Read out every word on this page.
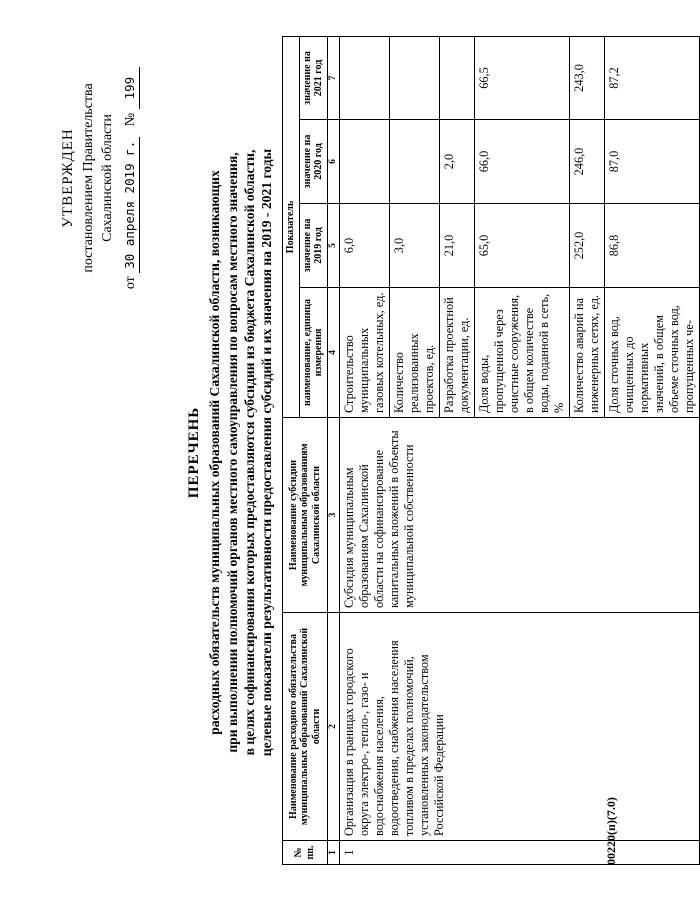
УТВЕРЖДЕН постановлением Правительства Сахалинской области
от 30 апреля 2019 г.   № 199
ПЕРЕЧЕНЬ расходных обязательств муниципальных образований Сахалинской области, возникающих при выполнении полномочий органов местного самоуправления по вопросам местного значения, в целях софинансирования которых предоставляются субсидии из бюджета Сахалинской области, целевые показатели результативности предоставления субсидий и их значения на 2019 - 2021 годы
№ пп.	Наименование расходного обязательства муниципальных образований Сахалинской области	Наименование субсидии муниципальным образованиям Сахалинской области	Показатель			
			наименование, единица измерения	значение на 2019 год	значение на 2020 год	значение на 2021 год
1	2	3	4	5	6	7
1	Организация в границах городского округа электро-, тепло-, газо- и водоснабжения населения, водоотведения, снабжения населения топливом в пределах полномочий, установленных законодательством Российской Федерации	Субсидия муниципальным образованиям Сахалинской области на софинансирование капитальных вложений в объекты муниципальной собственности	Строительство муниципальных газовых котельных, ед.	6,0		
			Количество реализованных проектов, ед.	3,0		
			Разработка проектной документации, ед.	21,0	2,0	
			Доля воды, пропущенной через очистные сооружения, в общем количестве воды, поданной в сеть, %	65,0	66,0	66,5
			Количество аварий на инженерных сетях, ед.	252,0	246,0	243,0
			Доля сточных вод, очищенных до нормативных значений, в общем объеме сточных вод, пропущенных че-	86,8	87,0	87,2
00220(п)(7.0)
